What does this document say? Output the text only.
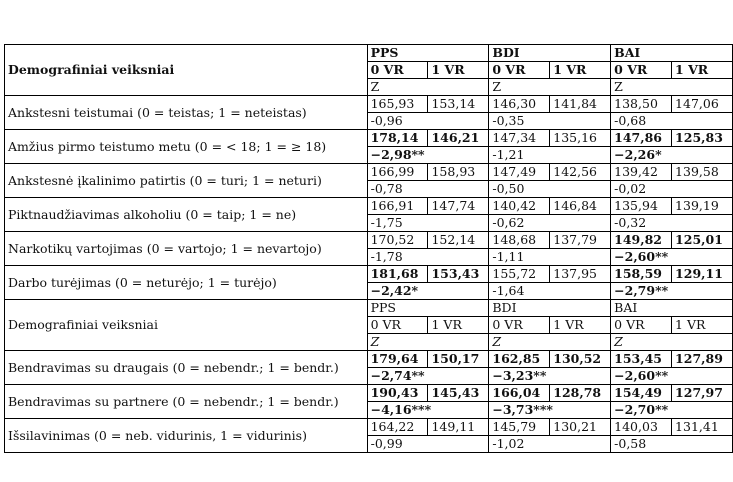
Demografiniai veiksniai	PPS		BDI		BAI	
	0 VR	1 VR	0 VR	1 VR	0 VR	1 VR
	Z		Z		Z	
Ankstesni teistumai (0 = teistas; 1 = neteistas)	165,93	153,14	146,30	141,84	138,50	147,06
	-0,96		-0,35		-0,68	
Amžius pirmo teistumo metu (0 = < 18; 1 = ≥ 18)	178,14	146,21	147,34	135,16	147,86	125,83
	−2,98**		-1,21		−2,26*	
Ankstesnė įkalinimo patirtis (0 = turi; 1 = neturi)	166,99	158,93	147,49	142,56	139,42	139,58
	-0,78		-0,50		-0,02	
Piktnaudžiavimas alkoholiu (0 = taip; 1 = ne)	166,91	147,74	140,42	146,84	135,94	139,19
	-1,75		-0,62		-0,32	
Narkotikų vartojimas (0 = vartojo; 1 = nevartojo)	170,52	152,14	148,68	137,79	149,82	125,01
	-1,78		-1,11		−2,60**	
Darbo turėjimas (0 = neturėjo; 1 = turėjo)	181,68	153,43	155,72	137,95	158,59	129,11
	−2,42*		-1,64		−2,79**	
Demografiniai veiksniai	PPS		BDI		BAI	
	0 VR	1 VR	0 VR	1 VR	0 VR	1 VR
	Z		Z		Z	
Bendravimas su draugais (0 = nebendr.; 1 = bendr.)	179,64	150,17	162,85	130,52	153,45	127,89
	−2,74**		−3,23**		−2,60**	
Bendravimas su partnere (0 = nebendr.; 1 = bendr.)	190,43	145,43	166,04	128,78	154,49	127,97
	−4,16***		−3,73***		−2,70**	
Išsilavinimas (0 = neb. vidurinis, 1 = vidurinis)	164,22	149,11	145,79	130,21	140,03	131,41
	-0,99		-1,02		-0,58	
